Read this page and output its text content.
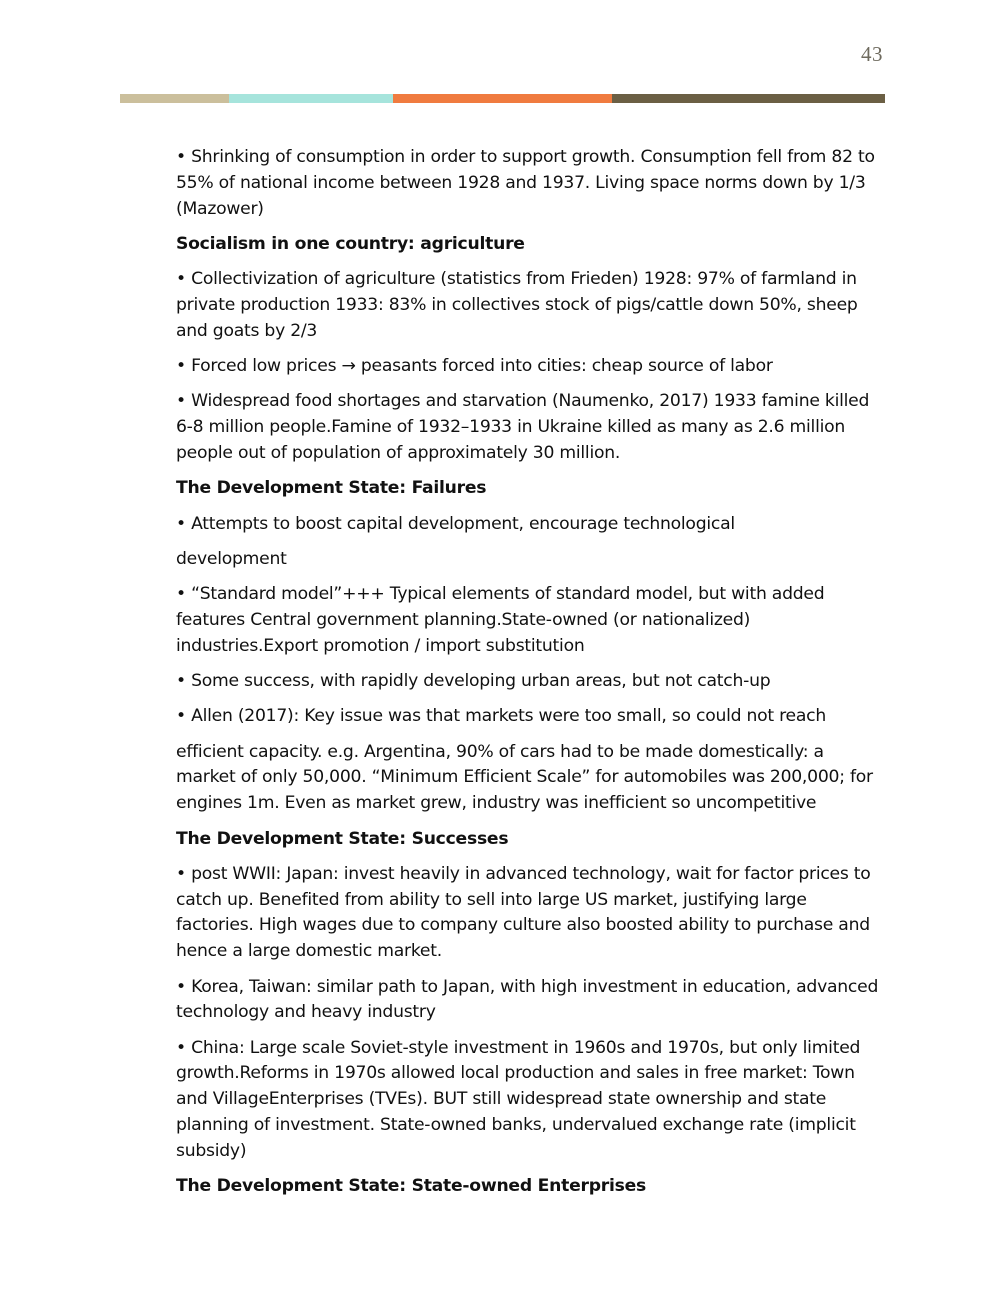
43

• Shrinking of consumption in order to support growth. Consumption fell from 82 to 55% of national income between 1928 and 1937. Living space norms down by 1/3 (Mazower)

Socialism in one country: agriculture

• Collectivization of agriculture (statistics from Frieden) 1928: 97% of farmland in private production 1933: 83% in collectives stock of pigs/cattle down 50%, sheep and goats by 2/3

• Forced low prices → peasants forced into cities: cheap source of labor

• Widespread food shortages and starvation (Naumenko, 2017) 1933 famine killed 6-8 million people.Famine of 1932–1933 in Ukraine killed as many as 2.6 million people out of population of approximately 30 million.

The Development State: Failures

• Attempts to boost capital development, encourage technological

development

• “Standard model”+++ Typical elements of standard model, but with added features Central government planning.State-owned (or nationalized) industries.Export promotion / import substitution

• Some success, with rapidly developing urban areas, but not catch-up

• Allen (2017): Key issue was that markets were too small, so could not reach

efficient capacity. e.g. Argentina, 90% of cars had to be made domestically: a market of only 50,000. “Minimum Efficient Scale” for automobiles was 200,000; for engines 1m. Even as market grew, industry was inefficient so uncompetitive

The Development State: Successes

• post WWII: Japan: invest heavily in advanced technology, wait for factor prices to catch up. Benefited from ability to sell into large US market, justifying large factories. High wages due to company culture also boosted ability to purchase and hence a large domestic market.

• Korea, Taiwan: similar path to Japan, with high investment in education, advanced technology and heavy industry

• China: Large scale Soviet-style investment in 1960s and 1970s, but only limited growth.Reforms in 1970s allowed local production and sales in free market: Town and VillageEnterprises (TVEs). BUT still widespread state ownership and state planning of investment. State-owned banks, undervalued exchange rate (implicit subsidy)

The Development State: State-owned Enterprises
